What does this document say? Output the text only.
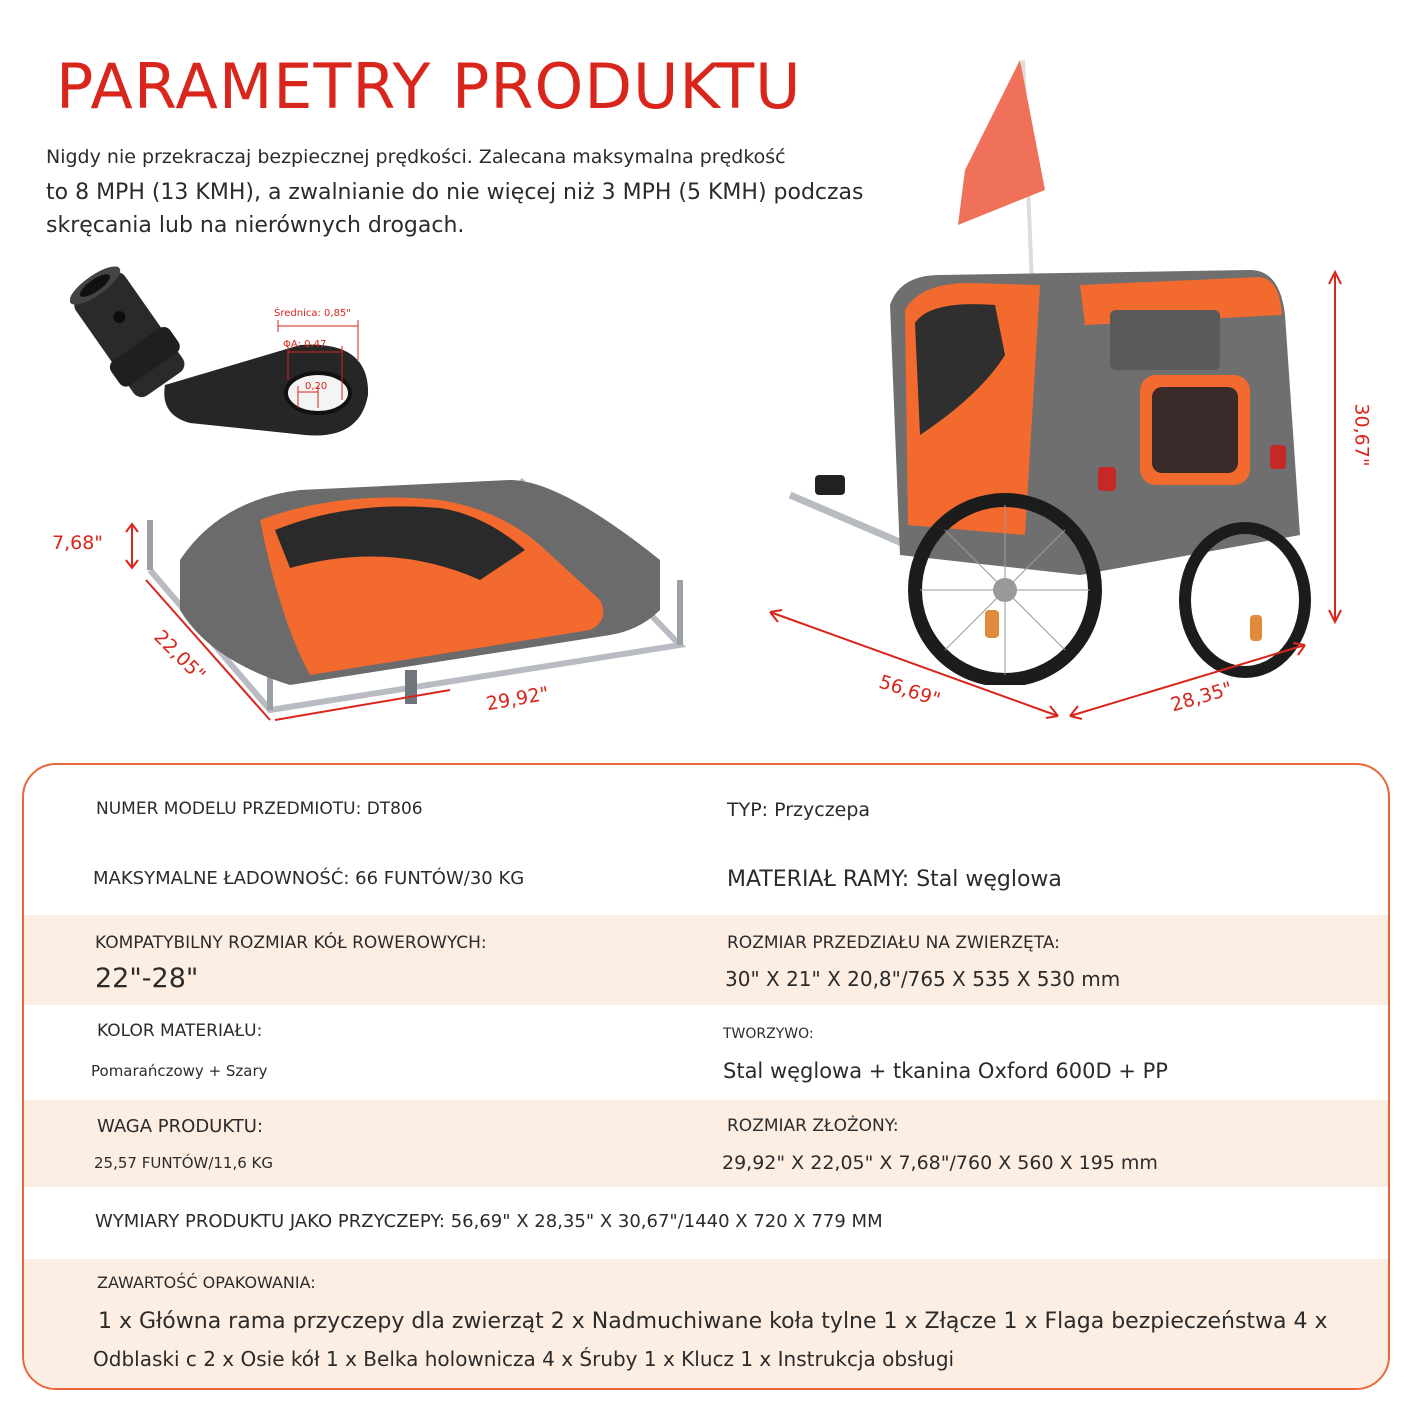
PARAMETRY PRODUKTU
Nigdy nie przekraczaj bezpiecznej prędkości. Zalecana maksymalna prędkość
to 8 MPH (13 KMH), a zwalnianie do nie więcej niż 3 MPH (5 KMH) podczas
skręcania lub na nierównych drogach.
Średnica: 0,85"
ΦA: 0,47
0,20
7,68"
22,05"
29,92"
30,67"
56,69"	28,35"
NUMER MODELU PRZEDMIOTU: DT806	TYP: Przyczepa
MAKSYMALNE ŁADOWNOŚĆ: 66 FUNTÓW/30 KG	MATERIAŁ RAMY: Stal węglowa
KOMPATYBILNY ROZMIAR KÓŁ ROWEROWYCH:
22"-28"
ROZMIAR PRZEDZIAŁU NA ZWIERZĘTA:
30" X 21" X 20,8"/765 X 535 X 530 mm
KOLOR MATERIAŁU:
Pomarańczowy + Szary
TWORZYWO:
Stal węglowa + tkanina Oxford 600D + PP
WAGA PRODUKTU:
25,57 FUNTÓW/11,6 KG
ROZMIAR ZŁOŻONY:
29,92" X 22,05" X 7,68"/760 X 560 X 195 mm
WYMIARY PRODUKTU JAKO PRZYCZEPY: 56,69" X 28,35" X 30,67"/1440 X 720 X 779 MM
ZAWARTOŚĆ OPAKOWANIA:
1 x Główna rama przyczepy dla zwierząt 2 x Nadmuchiwane koła tylne 1 x Złącze 1 x Flaga bezpieczeństwa 4 x
Odblaski c 2 x Osie kół 1 x Belka holownicza 4 x Śruby 1 x Klucz 1 x Instrukcja obsługi
